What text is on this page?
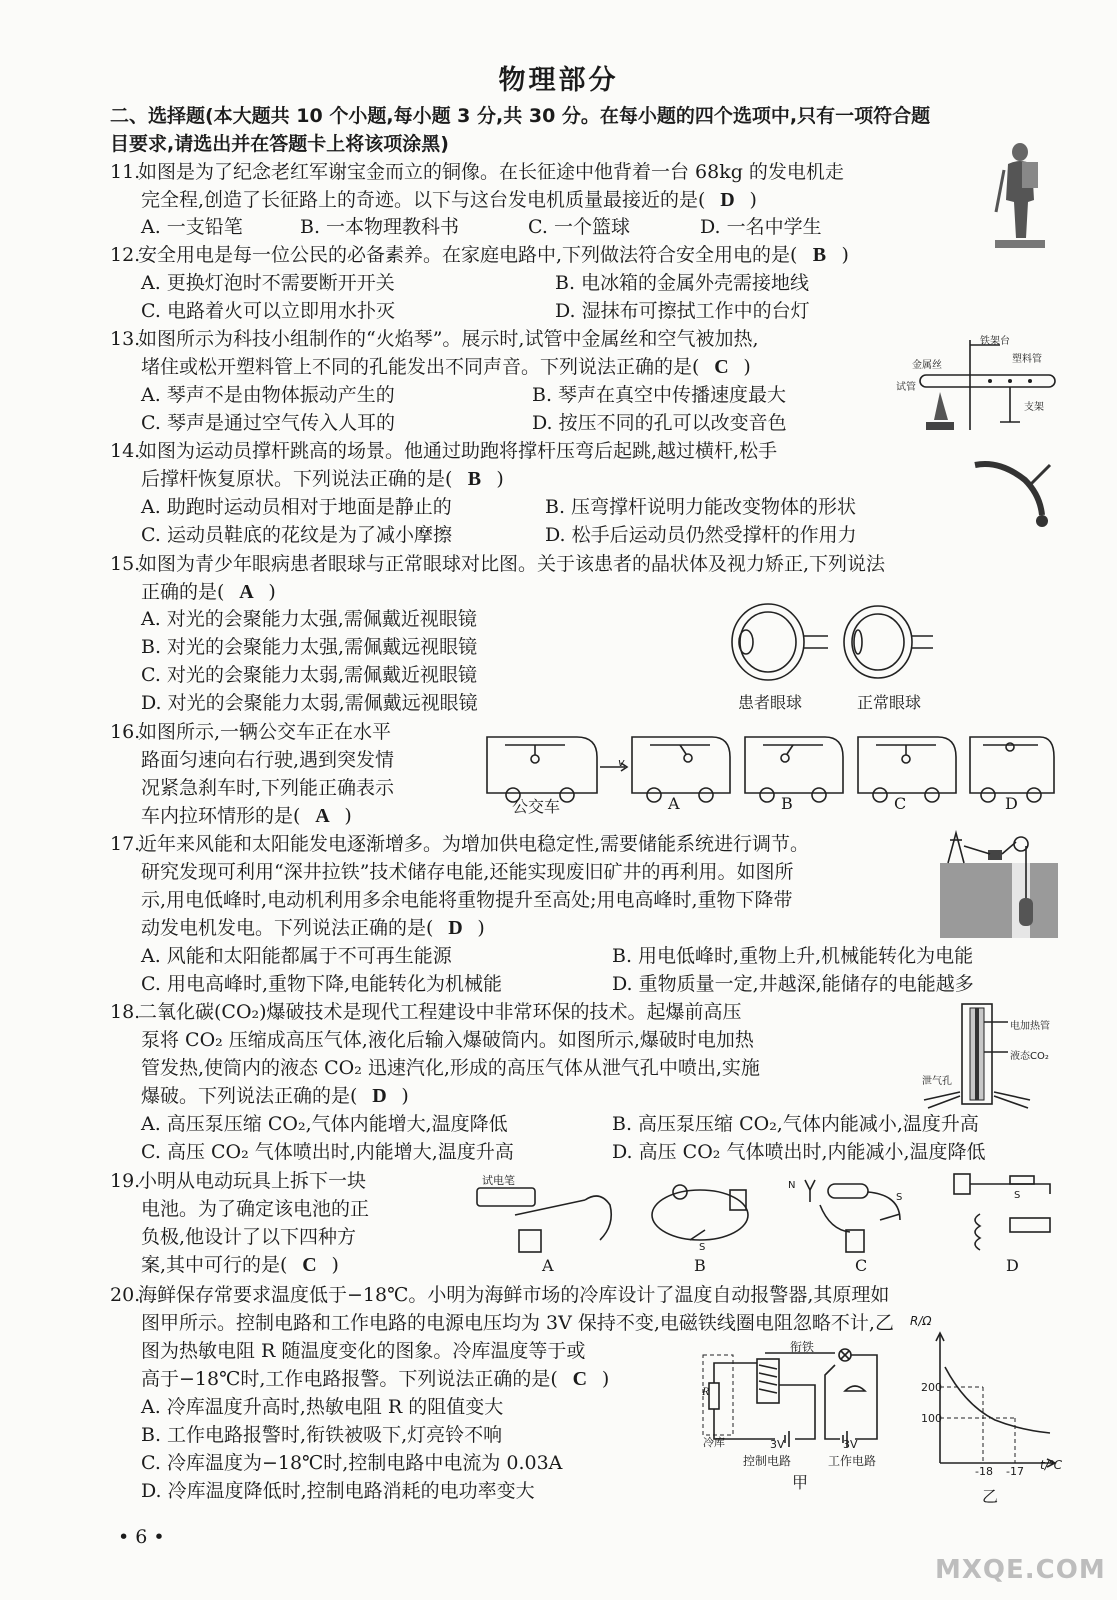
物理部分
二、选择题(本大题共 10 个小题,每小题 3 分,共 30 分。在每小题的四个选项中,只有一项符合题
目要求,请选出并在答题卡上将该项涂黑)
11.如图是为了纪念老红军谢宝金而立的铜像。在长征途中他背着一台 68kg 的发电机走
完全程,创造了长征路上的奇迹。以下与这台发电机质量最接近的是( D )
A. 一支铅笔	B. 一本物理教科书	C. 一个篮球	D. 一名中学生
12.安全用电是每一位公民的必备素养。在家庭电路中,下列做法符合安全用电的是( B )
A. 更换灯泡时不需要断开开关	B. 电冰箱的金属外壳需接地线
C. 电路着火可以立即用水扑灭	D. 湿抹布可擦拭工作中的台灯
13.如图所示为科技小组制作的“火焰琴”。展示时,试管中金属丝和空气被加热,
堵住或松开塑料管上不同的孔能发出不同声音。下列说法正确的是( C )
A. 琴声不是由物体振动产生的	B. 琴声在真空中传播速度最大
C. 琴声是通过空气传入人耳的	D. 按压不同的孔可以改变音色
铁架台
金属丝
塑料管
试管
支架
14.如图为运动员撑杆跳高的场景。他通过助跑将撑杆压弯后起跳,越过横杆,松手
后撑杆恢复原状。下列说法正确的是( B )
A. 助跑时运动员相对于地面是静止的	B. 压弯撑杆说明力能改变物体的形状
C. 运动员鞋底的花纹是为了减小摩擦	D. 松手后运动员仍然受撑杆的作用力
15.如图为青少年眼病患者眼球与正常眼球对比图。关于该患者的晶状体及视力矫正,下列说法
正确的是( A )
A. 对光的会聚能力太强,需佩戴近视眼镜
B. 对光的会聚能力太强,需佩戴远视眼镜
C. 对光的会聚能力太弱,需佩戴近视眼镜
D. 对光的会聚能力太弱,需佩戴远视眼镜	患者眼球	正常眼球
16.如图所示,一辆公交车正在水平
路面匀速向右行驶,遇到突发情
况紧急刹车时,下列能正确表示
车内拉环情形的是( A )
v
公交车	A	B	C	D
17.近年来风能和太阳能发电逐渐增多。为增加供电稳定性,需要储能系统进行调节。
研究发现可利用“深井拉铁”技术储存电能,还能实现废旧矿井的再利用。如图所
示,用电低峰时,电动机利用多余电能将重物提升至高处;用电高峰时,重物下降带
动发电机发电。下列说法正确的是( D )
A. 风能和太阳能都属于不可再生能源	B. 用电低峰时,重物上升,机械能转化为电能
C. 用电高峰时,重物下降,电能转化为机械能	D. 重物质量一定,井越深,能储存的电能越多
18.二氧化碳(CO₂)爆破技术是现代工程建设中非常环保的技术。起爆前高压
泵将 CO₂ 压缩成高压气体,液化后输入爆破筒内。如图所示,爆破时电加热
管发热,使筒内的液态 CO₂ 迅速汽化,形成的高压气体从泄气孔中喷出,实施
爆破。下列说法正确的是( D )
A. 高压泵压缩 CO₂,气体内能增大,温度降低	B. 高压泵压缩 CO₂,气体内能减小,温度升高
C. 高压 CO₂ 气体喷出时,内能增大,温度升高	D. 高压 CO₂ 气体喷出时,内能减小,温度降低
电加热管
液态CO₂
泄气孔
19.小明从电动玩具上拆下一块
电池。为了确定该电池的正
负极,他设计了以下四种方
案,其中可行的是( C )
试电笔
S
N
S	S
A	B	C	D
20.海鲜保存常要求温度低于−18℃。小明为海鲜市场的冷库设计了温度自动报警器,其原理如
图甲所示。控制电路和工作电路的电源电压均为 3V 保持不变,电磁铁线圈电阻忽略不计,乙
图为热敏电阻 R 随温度变化的图象。冷库温度等于或
高于−18℃时,工作电路报警。下列说法正确的是( C )
A. 冷库温度升高时,热敏电阻 R 的阻值变大
B. 工作电路报警时,衔铁被吸下,灯亮铃不响
C. 冷库温度为−18℃时,控制电路中电流为 0.03A
D. 冷库温度降低时,控制电路消耗的电功率变大
衔铁
R
冷库	3V	3V
控制电路	工作电路
甲
R/Ω
200
100
-18 -17 t/℃
乙
• 6 •
MXQE.COM
